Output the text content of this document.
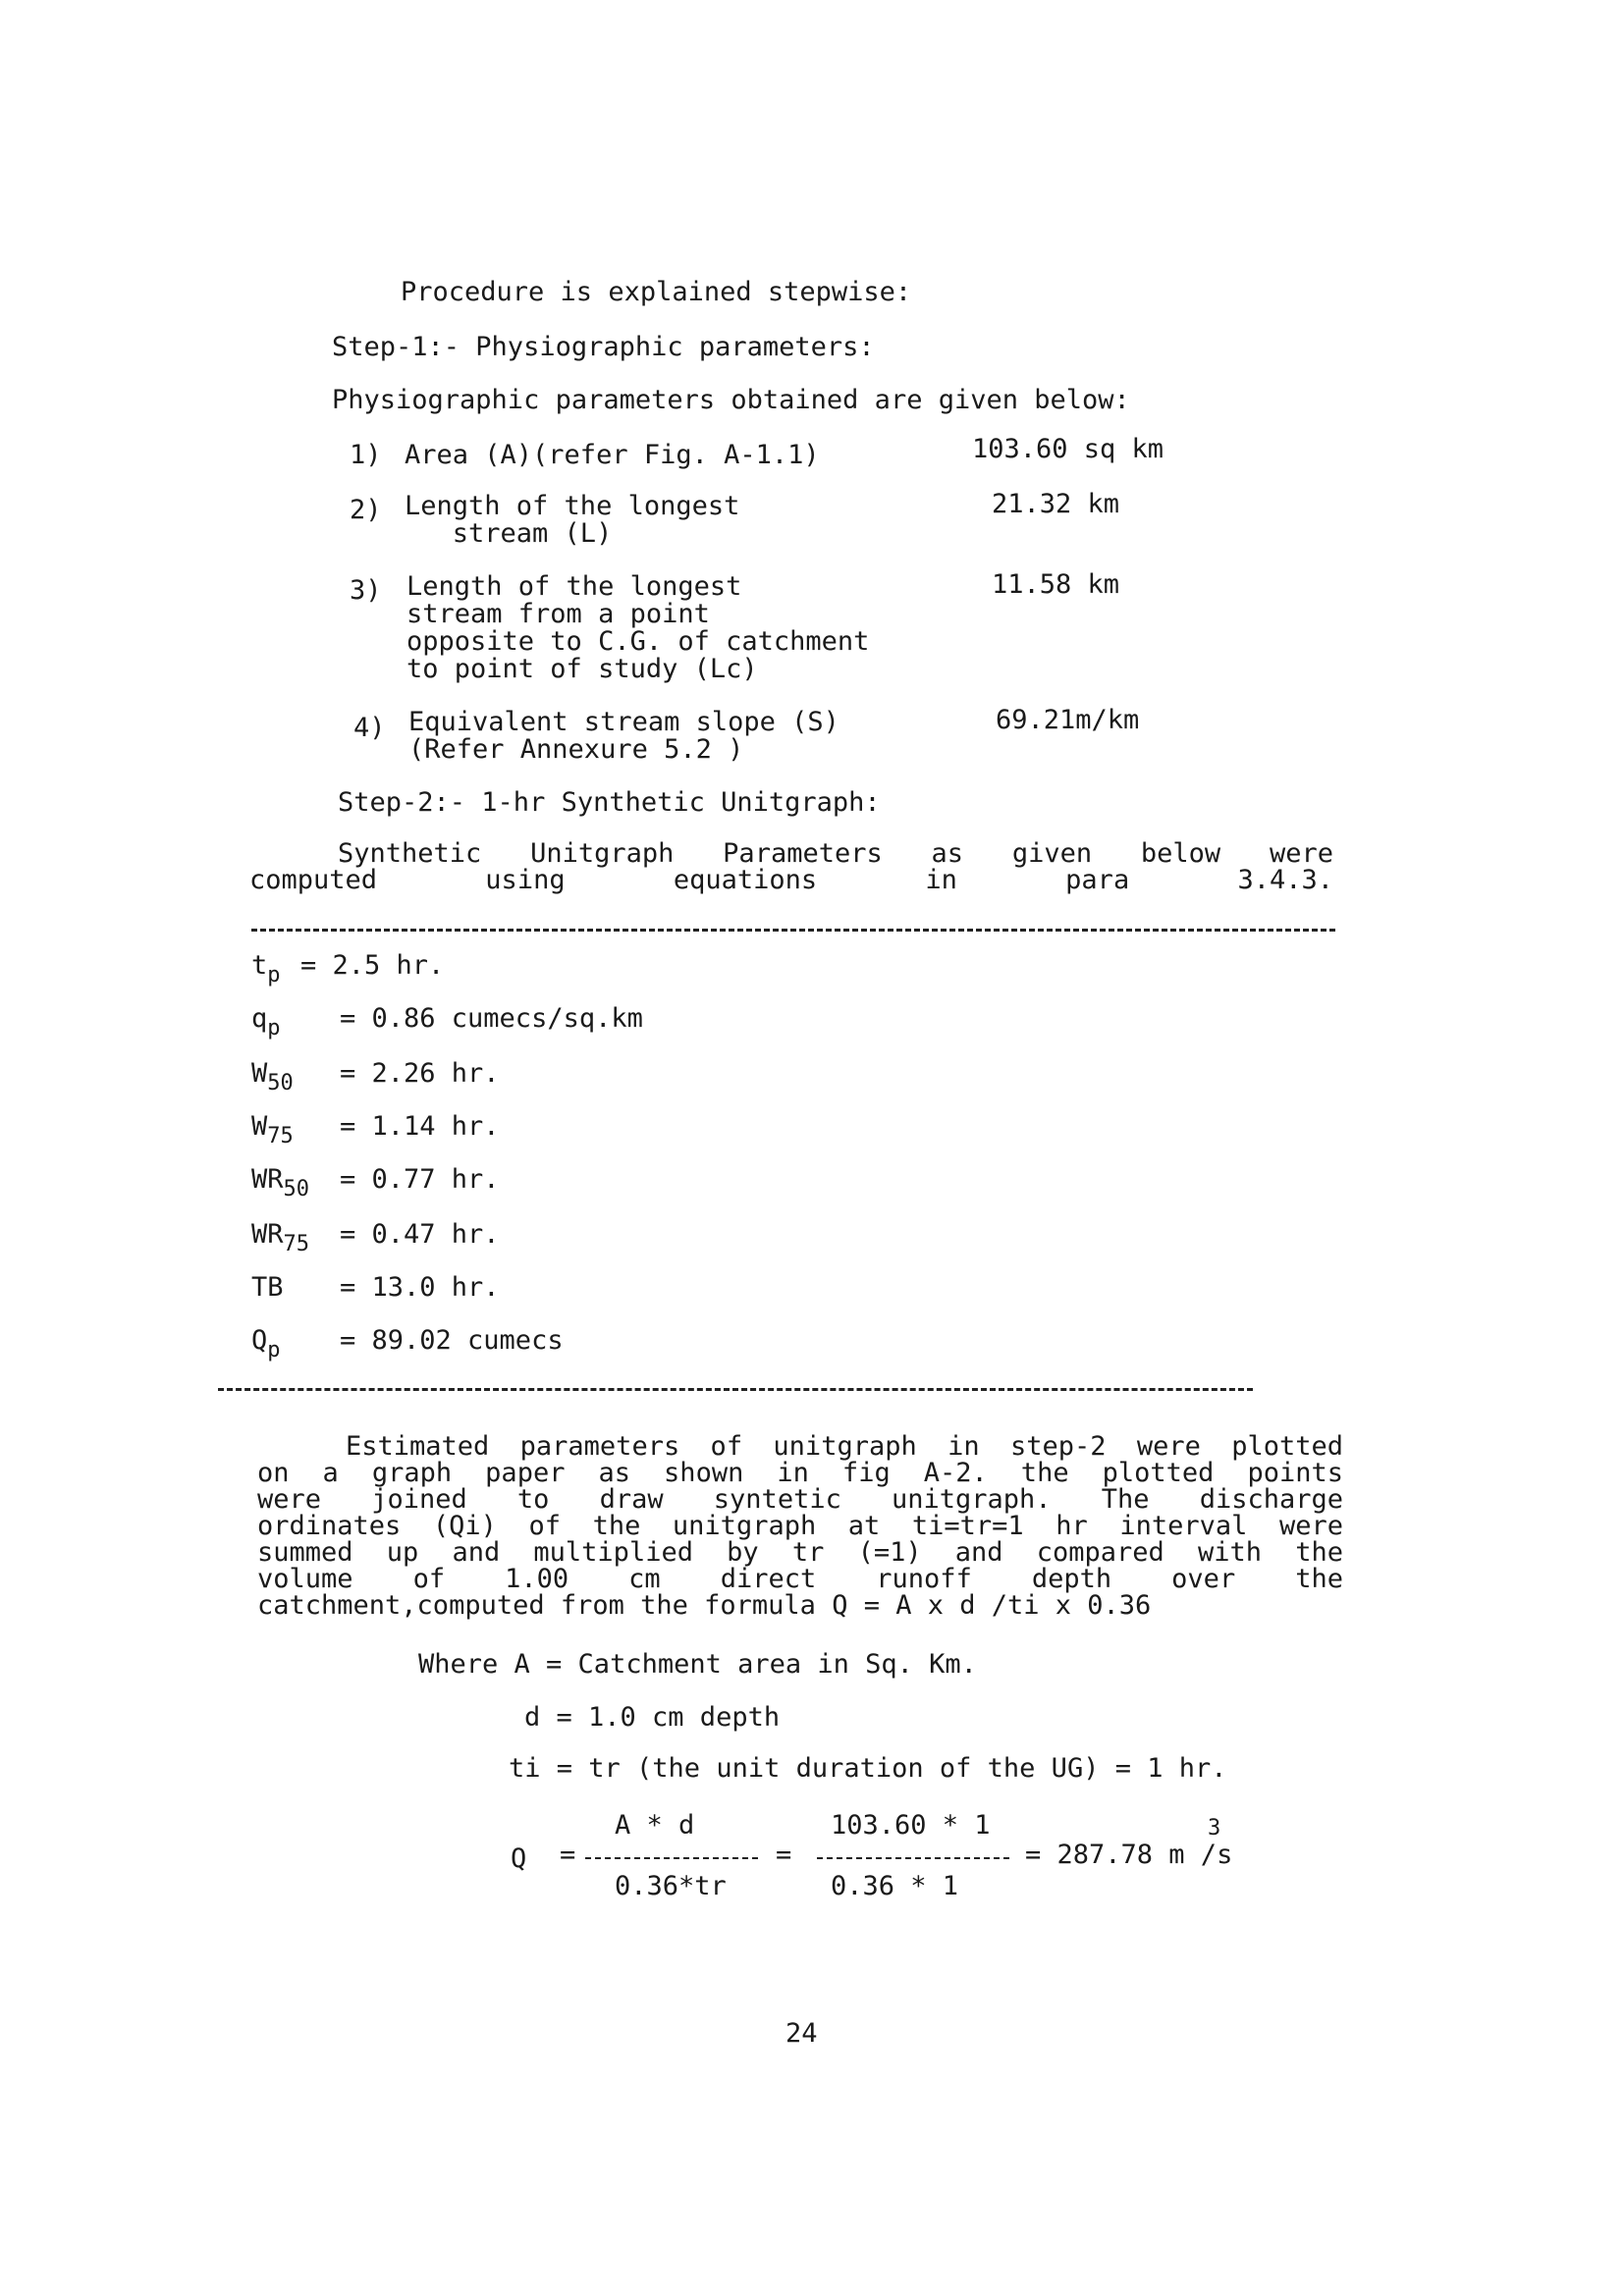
Procedure is explained stepwise:
Step-1:- Physiographic parameters:
Physiographic parameters obtained are given below:
1) Area (A)(refer Fig. A-1.1)	103.60 sq km
2) Length of the longest
stream (L)
21.32 km
3) Length of the longest
stream from a point
opposite to C.G. of catchment
to point of study (Lc)
11.58 km
4) Equivalent stream slope (S)
(Refer Annexure 5.2 )
69.21m/km
Step-2:- 1-hr Synthetic Unitgraph:
Synthetic Unitgraph Parameters as given below were
computed using equations in para 3.4.3.
$t_p = 2.5$ hr.
$q_p = 0.86$ cumecs/sq.km
$W_{50} = 2.26$ hr.
$W_{75} = 1.14$ hr.
$WR_{50} = 0.77$ hr.
$WR_{75} = 0.47$ hr.
TB = 13.0 hr.
$Q_p = 89.02$ cumecs
Estimated parameters of unitgraph in step-2 were plotted
on a graph paper as shown in fig A-2. the plotted points
were joined to draw syntetic unitgraph. The discharge
ordinates (Qi) of the unitgraph at ti=tr=1 hr interval were
summed up and multiplied by tr (=1) and compared with the
volume of 1.00 cm direct runoff depth over the
catchment,computed from the formula Q = A x d /ti x 0.36
Where A = Catchment area in Sq. Km.
d = 1.0 cm depth
ti = tr (the unit duration of the UG) = 1 hr.
Q =
A * d
0.36*tr
=
103.60 * 1
0.36 * 1
= 287.78 m /s
3
24
